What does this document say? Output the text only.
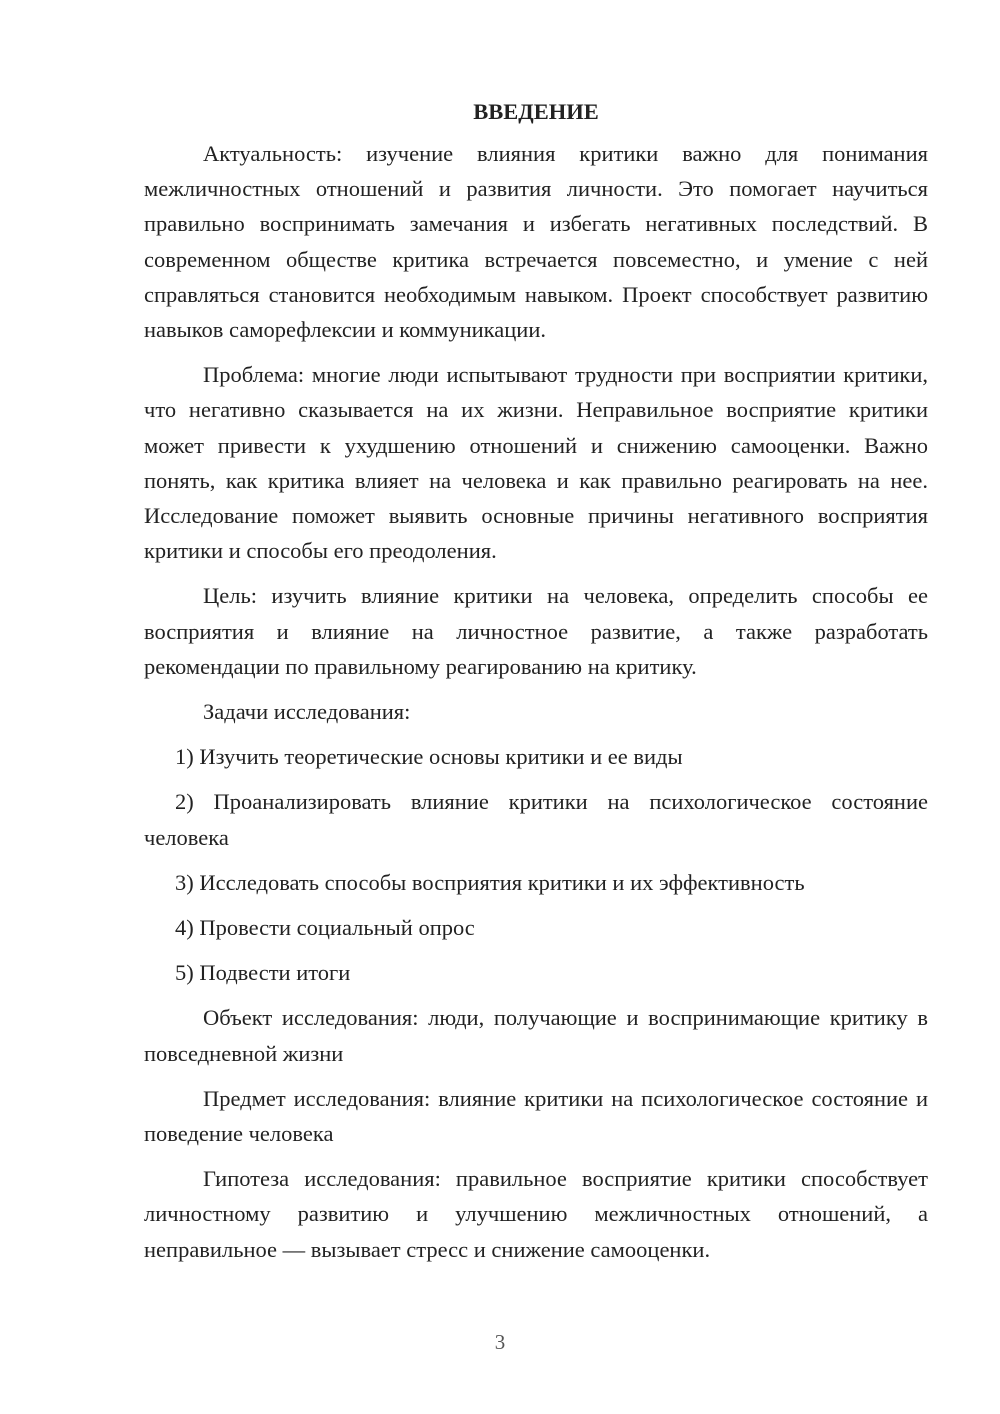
ВВЕДЕНИЕ
Актуальность: изучение влияния критики важно для понимания межличностных отношений и развития личности. Это помогает научиться правильно воспринимать замечания и избегать негативных последствий. В современном обществе критика встречается повсеместно, и умение с ней справляться становится необходимым навыком. Проект способствует развитию навыков саморефлексии и коммуникации.
Проблема: многие люди испытывают трудности при восприятии критики, что негативно сказывается на их жизни. Неправильное восприятие критики может привести к ухудшению отношений и снижению самооценки. Важно понять, как критика влияет на человека и как правильно реагировать на нее. Исследование поможет выявить основные причины негативного восприятия критики и способы его преодоления.
Цель: изучить влияние критики на человека, определить способы ее восприятия и влияние на личностное развитие, а также разработать рекомендации по правильному реагированию на критику.
Задачи исследования:
1) Изучить теоретические основы критики и ее виды
2) Проанализировать влияние критики на психологическое состояние человека
3) Исследовать способы восприятия критики и их эффективность
4) Провести социальный опрос
5) Подвести итоги
Объект исследования: люди, получающие и воспринимающие критику в повседневной жизни
Предмет исследования: влияние критики на психологическое состояние и поведение человека
Гипотеза исследования: правильное восприятие критики способствует личностному развитию и улучшению межличностных отношений, а неправильное — вызывает стресс и снижение самооценки.
3
